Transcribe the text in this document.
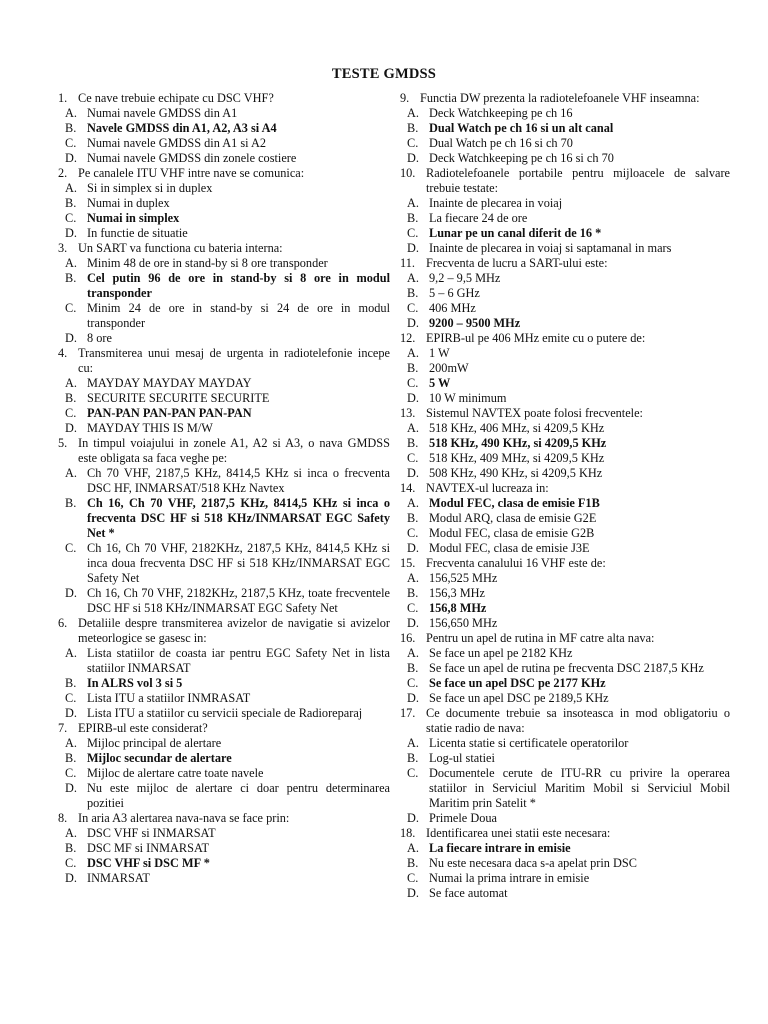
TESTE GMDSS
1. Ce nave trebuie echipate cu DSC VHF?
A. Numai navele GMDSS din A1
B. Navele GMDSS din A1, A2, A3 si A4
C. Numai navele GMDSS din A1 si A2
D. Numai navele GMDSS din zonele costiere
2. Pe canalele ITU VHF intre nave se comunica:
A. Si in simplex si in duplex
B. Numai in duplex
C. Numai in simplex
D. In functie de situatie
3. Un SART va functiona cu bateria interna:
A. Minim 48 de ore in stand-by si 8 ore transponder
B. Cel putin 96 de ore in stand-by si 8 ore in modul transponder
C. Minim 24 de ore in stand-by si 24 de ore in modul transponder
D. 8 ore
4. Transmiterea unui mesaj de urgenta in radiotelefonie incepe cu:
A. MAYDAY MAYDAY MAYDAY
B. SECURITE SECURITE SECURITE
C. PAN-PAN PAN-PAN PAN-PAN
D. MAYDAY THIS IS M/W
5. In timpul voiajului in zonele A1, A2 si A3, o nava GMDSS este obligata sa faca veghe pe:
A. Ch 70 VHF, 2187,5 KHz, 8414,5 KHz si inca o frecventa DSC HF, INMARSAT/518 KHz Navtex
B. Ch 16, Ch 70 VHF, 2187,5 KHz, 8414,5 KHz si inca o frecventa DSC HF si 518 KHz/INMARSAT EGC Safety Net *
C. Ch 16, Ch 70 VHF, 2182KHz, 2187,5 KHz, 8414,5 KHz si inca doua frecventa DSC HF si 518 KHz/INMARSAT EGC Safety Net
D. Ch 16, Ch 70 VHF, 2182KHz, 2187,5 KHz, toate frecventele DSC HF si 518 KHz/INMARSAT EGC Safety Net
6. Detaliile despre transmiterea avizelor de navigatie si avizelor meteorlogice se gasesc in:
A. Lista statiilor de coasta iar pentru EGC Safety Net in lista statiilor INMARSAT
B. In ALRS vol 3 si 5
C. Lista ITU a statiilor INMRASAT
D. Lista ITU a statiilor cu servicii speciale de Radioreparaj
7. EPIRB-ul este considerat?
A. Mijloc principal de alertare
B. Mijloc secundar de alertare
C. Mijloc de alertare catre toate navele
D. Nu este mijloc de alertare ci doar pentru determinarea pozitiei
8. In aria A3 alertarea nava-nava se face prin:
A. DSC VHF si INMARSAT
B. DSC MF si INMARSAT
C. DSC VHF si DSC MF *
D. INMARSAT
9. Functia DW prezenta la radiotelefoanele VHF inseamna:
A. Deck Watchkeeping pe ch 16
B. Dual Watch pe ch 16 si un alt canal
C. Dual Watch pe ch 16 si ch 70
D. Deck Watchkeeping pe ch 16 si ch 70
10. Radiotelefoanele portabile pentru mijloacele de salvare trebuie testate:
A. Inainte de plecarea in voiaj
B. La fiecare 24 de ore
C. Lunar pe un canal diferit de 16 *
D. Inainte de plecarea in voiaj si saptamanal in mars
11. Frecventa de lucru a SART-ului este:
A. 9,2 – 9,5 MHz
B. 5 – 6 GHz
C. 406 MHz
D. 9200 – 9500 MHz
12. EPIRB-ul pe 406 MHz emite cu o putere de:
A. 1 W
B. 200mW
C. 5 W
D. 10 W minimum
13. Sistemul NAVTEX poate folosi frecventele:
A. 518 KHz, 406 MHz, si 4209,5 KHz
B. 518 KHz, 490 KHz, si 4209,5 KHz
C. 518 KHz, 409 MHz, si 4209,5 KHz
D. 508 KHz, 490 KHz, si 4209,5 KHz
14. NAVTEX-ul lucreaza in:
A. Modul FEC, clasa de emisie F1B
B. Modul ARQ, clasa de emisie G2E
C. Modul FEC, clasa de emisie G2B
D. Modul FEC, clasa de emisie J3E
15. Frecventa canalului 16 VHF este de:
A. 156,525 MHz
B. 156,3 MHz
C. 156,8 MHz
D. 156,650 MHz
16. Pentru un apel de rutina in MF catre alta nava:
A. Se face un apel pe 2182 KHz
B. Se face un apel de rutina pe frecventa DSC 2187,5 KHz
C. Se face un apel DSC pe 2177 KHz
D. Se face un apel DSC pe 2189,5 KHz
17. Ce documente trebuie sa insoteasca in mod obligatoriu o statie radio de nava:
A. Licenta statie si certificatele operatorilor
B. Log-ul statiei
C. Documentele cerute de ITU-RR cu privire la operarea statiilor in Serviciul Maritim Mobil si Serviciul Mobil Maritim prin Satelit *
D. Primele Doua
18. Identificarea unei statii este necesara:
A. La fiecare intrare in emisie
B. Nu este necesara daca s-a apelat prin DSC
C. Numai la prima intrare in emisie
D. Se face automat
